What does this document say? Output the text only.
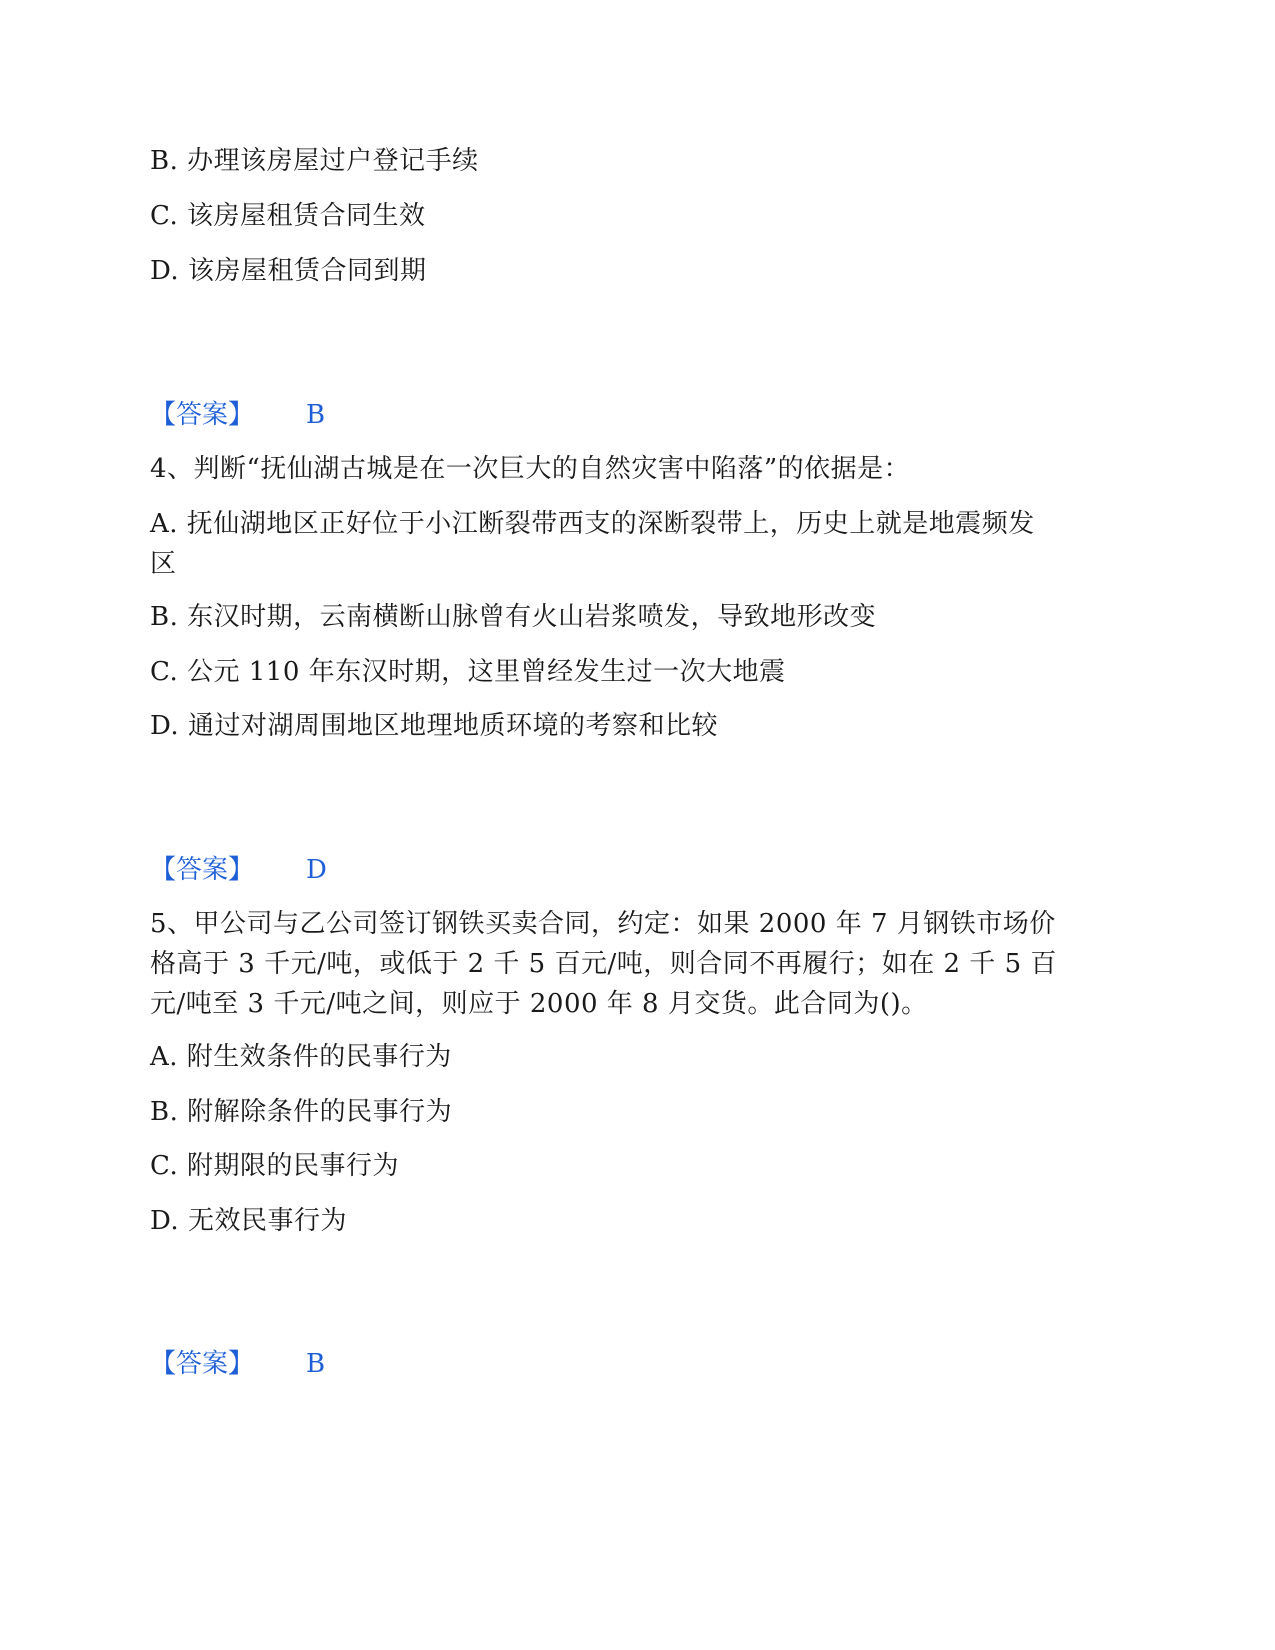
B. 办理该房屋过户登记手续
C. 该房屋租赁合同生效
D. 该房屋租赁合同到期
【答案】 B
4、判断“抚仙湖古城是在一次巨大的自然灾害中陷落”的依据是：
A. 抚仙湖地区正好位于小江断裂带西支的深断裂带上，历史上就是地震频发
区
B. 东汉时期，云南横断山脉曾有火山岩浆喷发，导致地形改变
C. 公元 110 年东汉时期，这里曾经发生过一次大地震
D. 通过对湖周围地区地理地质环境的考察和比较
【答案】 D
5、甲公司与乙公司签订钢铁买卖合同，约定：如果 2000 年 7 月钢铁市场价
格高于 3 千元/吨，或低于 2 千 5 百元/吨，则合同不再履行；如在 2 千 5 百
元/吨至 3 千元/吨之间，则应于 2000 年 8 月交货。此合同为()。
A. 附生效条件的民事行为
B. 附解除条件的民事行为
C. 附期限的民事行为
D. 无效民事行为
【答案】 B
